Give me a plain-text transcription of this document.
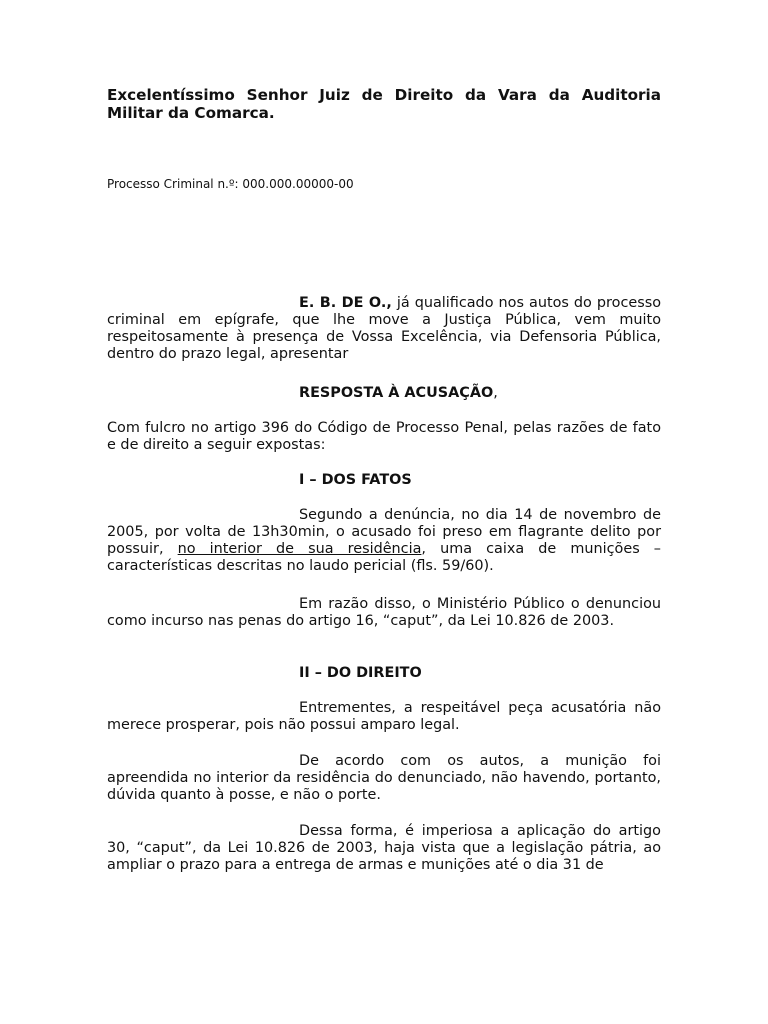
Excelentíssimo Senhor Juiz de Direito da Vara da Auditoria Militar da Comarca.

Processo Criminal n.º: 000.000.00000-00

E. B. DE O., já qualificado nos autos do processo criminal em epígrafe, que lhe move a Justiça Pública, vem muito respeitosamente à presença de Vossa Excelência, via Defensoria Pública, dentro do prazo legal, apresentar

RESPOSTA À ACUSAÇÃO,

Com fulcro no artigo 396 do Código de Processo Penal, pelas razões de fato e de direito a seguir expostas:

I – DOS FATOS

Segundo a denúncia, no dia 14 de novembro de 2005, por volta de 13h30min, o acusado foi preso em flagrante delito por possuir, no interior de sua residência, uma caixa de munições – características descritas no laudo pericial (fls. 59/60).

Em razão disso, o Ministério Público o denunciou como incurso nas penas do artigo 16, “caput”, da Lei 10.826 de 2003.

II – DO DIREITO

Entrementes, a respeitável peça acusatória não merece prosperar, pois não possui amparo legal.

De acordo com os autos, a munição foi apreendida no interior da residência do denunciado, não havendo, portanto, dúvida quanto à posse, e não o porte.

Dessa forma, é imperiosa a aplicação do artigo 30, “caput”, da Lei 10.826 de 2003, haja vista que a legislação pátria, ao ampliar o prazo para a entrega de armas e munições até o dia 31 de
